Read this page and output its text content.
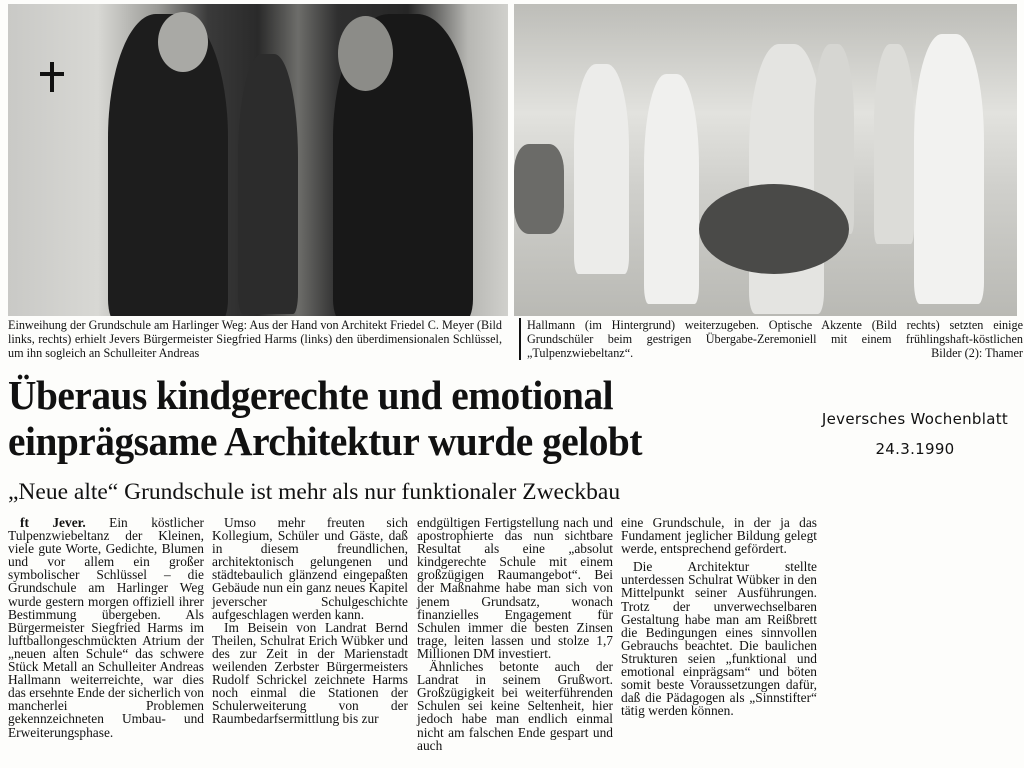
Einweihung der Grundschule am Harlinger Weg: Aus der Hand von Architekt Friedel C. Meyer (Bild links, rechts) erhielt Jevers Bürgermeister Siegfried Harms (links) den überdimensionalen Schlüssel, um ihn sogleich an Schulleiter Andreas
Hallmann (im Hintergrund) weiterzugeben. Optische Akzente (Bild rechts) setzten einige Grundschüler beim gestrigen Übergabe-Zeremoniell mit einem frühlingshaft-köstlichen „Tulpenzwiebeltanz“.	Bilder (2): Thamer
Jeversches Wochenblatt
24.3.1990
Überaus kindgerechte und emotional
einprägsame Architektur wurde gelobt
„Neue alte“ Grundschule ist mehr als nur funktionaler Zweckbau

ft Jever. Ein köstlicher Tulpenzwiebeltanz der Kleinen, viele gute Worte, Gedichte, Blumen und vor allem ein großer symbolischer Schlüssel – die Grundschule am Harlinger Weg wurde gestern morgen offiziell ihrer Bestimmung übergeben. Als Bürgermeister Siegfried Harms im luftballongeschmückten Atrium der „neuen alten Schule“ das schwere Stück Metall an Schulleiter Andreas Hallmann weiterreichte, war dies das ersehnte Ende der sicherlich von mancherlei Problemen gekennzeichneten Umbau- und Erweiterungsphase.

Umso mehr freuten sich Kollegium, Schüler und Gäste, daß in diesem freundlichen, architektonisch gelungenen und städtebaulich glänzend eingepaßten Gebäude nun ein ganz neues Kapitel jeverscher Schulgeschichte aufgeschlagen werden kann.

Im Beisein von Landrat Bernd Theilen, Schulrat Erich Wübker und des zur Zeit in der Marienstadt weilenden Zerbster Bürgermeisters Rudolf Schrickel zeichnete Harms noch einmal die Stationen der Schulerweiterung von der Raumbedarfsermittlung bis zur

endgültigen Fertigstellung nach und apostrophierte das nun sichtbare Resultat als eine „absolut kindgerechte Schule mit einem großzügigen Raumangebot“. Bei der Maßnahme habe man sich von jenem Grundsatz, wonach finanzielles Engagement für Schulen immer die besten Zinsen trage, leiten lassen und stolze 1,7 Millionen DM investiert.

Ähnliches betonte auch der Landrat in seinem Grußwort. Großzügigkeit bei weiterführenden Schulen sei keine Seltenheit, hier jedoch habe man endlich einmal nicht am falschen Ende gespart und auch

eine Grundschule, in der ja das Fundament jeglicher Bildung gelegt werde, entsprechend gefördert.

Die Architektur stellte unterdessen Schulrat Wübker in den Mittelpunkt seiner Ausführungen. Trotz der unverwechselbaren Gestaltung habe man am Reißbrett die Bedingungen eines sinnvollen Gebrauchs beachtet. Die baulichen Strukturen seien „funktional und emotional einprägsam“ und böten somit beste Voraussetzungen dafür, daß die Pädagogen als „Sinnstifter“ tätig werden können.
